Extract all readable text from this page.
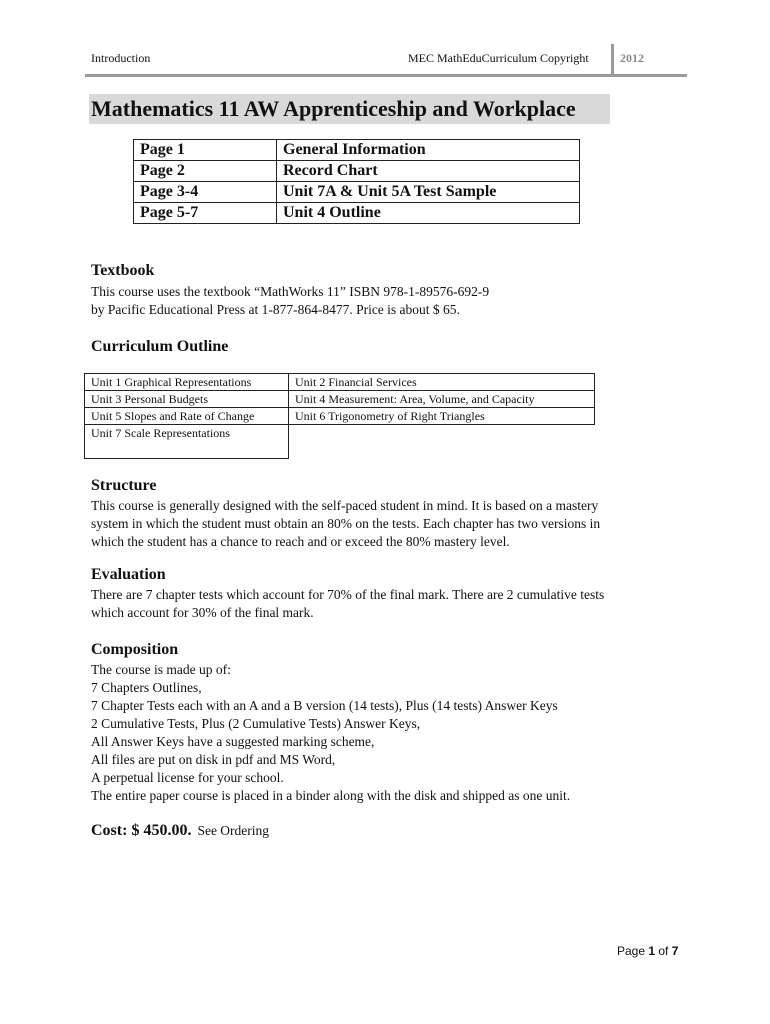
Introduction	MEC MathEduCurriculum Copyright	2012
Mathematics 11 AW Apprenticeship and Workplace
Page 1	General Information
Page 2	Record Chart
Page 3-4	Unit 7A & Unit 5A Test Sample
Page 5-7	Unit 4 Outline
Textbook
This course uses the textbook “MathWorks 11” ISBN 978-1-89576-692-9
by Pacific Educational Press at 1-877-864-8477. Price is about $ 65.
Curriculum Outline
Unit 1 Graphical Representations	Unit 2 Financial Services
Unit 3 Personal Budgets	Unit 4 Measurement: Area, Volume, and Capacity
Unit 5 Slopes and Rate of Change	Unit 6 Trigonometry of Right Triangles
Unit 7 Scale Representations	
Structure
This course is generally designed with the self-paced student in mind. It is based on a mastery
system in which the student must obtain an 80% on the tests. Each chapter has two versions in
which the student has a chance to reach and or exceed the 80% mastery level.
Evaluation
There are 7 chapter tests which account for 70% of the final mark. There are 2 cumulative tests
which account for 30% of the final mark.
Composition
The course is made up of:
7 Chapters Outlines,
7 Chapter Tests each with an A and a B version (14 tests), Plus (14 tests) Answer Keys
2 Cumulative Tests, Plus (2 Cumulative Tests) Answer Keys,
All Answer Keys have a suggested marking scheme,
All files are put on disk in pdf and MS Word,
A perpetual license for your school.
The entire paper course is placed in a binder along with the disk and shipped as one unit.
Cost: $ 450.00. See Ordering
Page 1 of 7
